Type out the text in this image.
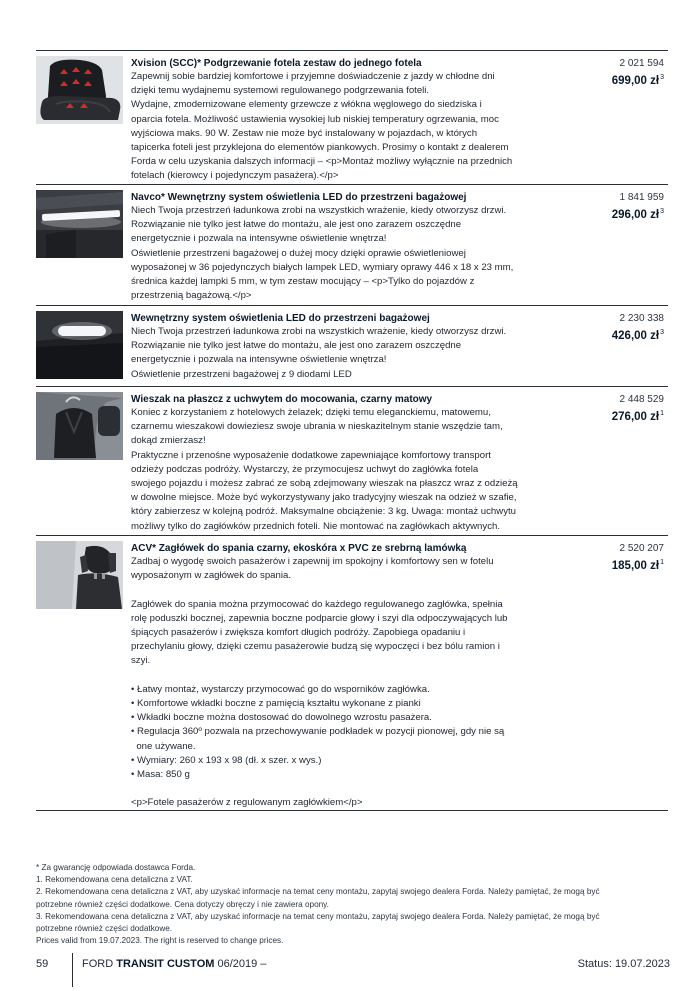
Xvision (SCC)* Podgrzewanie fotela zestaw do jednego fotela

Zapewnij sobie bardziej komfortowe i przyjemne doświadczenie z jazdy w chłodne dni
dzięki temu wydajnemu systemowi regulowanego podgrzewania foteli.
Wydajne, zmodernizowane elementy grzewcze z włókna węglowego do siedziska i
oparcia fotela. Możliwość ustawienia wysokiej lub niskiej temperatury ogrzewania, moc
wyjściowa maks. 90 W. Zestaw nie może być instalowany w pojazdach, w których
tapicerka foteli jest przyklejona do elementów piankowych. Prosimy o kontakt z dealerem
Forda w celu uzyskania dalszych informacji – <p>Montaż możliwy wyłącznie na przednich
fotelach (kierowcy i pojedynczym pasażera).</p>

2 021 594
699,00 $zł^3$
Navco* Wewnętrzny system oświetlenia LED do przestrzeni bagażowej

Niech Twoja przestrzeń ładunkowa zrobi na wszystkich wrażenie, kiedy otworzysz drzwi.
Rozwiązanie nie tylko jest łatwe do montażu, ale jest ono zarazem oszczędne
energetycznie i pozwala na intensywne oświetlenie wnętrza!
Oświetlenie przestrzeni bagażowej o dużej mocy dzięki oprawie oświetleniowej
wyposażonej w 36 pojedynczych białych lampek LED, wymiary oprawy 446 x 18 x 23 mm,
średnica każdej lampki 5 mm, w tym zestaw mocujący – <p>Tylko do pojazdów z
przestrzenią bagażową.</p>

1 841 959
296,00 $zł^3$
Wewnętrzny system oświetlenia LED do przestrzeni bagażowej

Niech Twoja przestrzeń ładunkowa zrobi na wszystkich wrażenie, kiedy otworzysz drzwi.
Rozwiązanie nie tylko jest łatwe do montażu, ale jest ono zarazem oszczędne
energetycznie i pozwala na intensywne oświetlenie wnętrza!
Oświetlenie przestrzeni bagażowej z 9 diodami LED

2 230 338
426,00 $zł^3$
Wieszak na płaszcz z uchwytem do mocowania, czarny matowy

Koniec z korzystaniem z hotelowych żelazek; dzięki temu eleganckiemu, matowemu,
czarnemu wieszakowi dowieziesz swoje ubrania w nieskazitelnym stanie wszędzie tam,
dokąd zmierzasz!
Praktyczne i przenośne wyposażenie dodatkowe zapewniające komfortowy transport
odzieży podczas podróży. Wystarczy, że przymocujesz uchwyt do zagłówka fotela
swojego pojazdu i możesz zabrać ze sobą zdejmowany wieszak na płaszcz wraz z odzieżą
w dowolne miejsce. Może być wykorzystywany jako tradycyjny wieszak na odzież w szafie,
który zabierzesz w kolejną podróż. Maksymalne obciążenie: 3 kg. Uwaga: montaż uchwytu
możliwy tylko do zagłówków przednich foteli. Nie montować na zagłówkach aktywnych.

2 448 529
276,00 $zł^1$
ACV* Zagłówek do spania czarny, ekoskóra x PVC ze srebrną lamówką

Zadbaj o wygodę swoich pasażerów i zapewnij im spokojny i komfortowy sen w fotelu
wyposażonym w zagłówek do spania.

Zagłówek do spania można przymocować do każdego regulowanego zagłówka, spełnia
rolę poduszki bocznej, zapewnia boczne podparcie głowy i szyi dla odpoczywających lub
śpiących pasażerów i zwiększa komfort długich podróży. Zapobiega opadaniu i
przechylaniu głowy, dzięki czemu pasażerowie budzą się wypoczęci i bez bólu ramion i
szyi.

• Łatwy montaż, wystarczy przymocować go do wsporników zagłówka.
• Komfortowe wkładki boczne z pamięcią kształtu wykonane z pianki
• Wkładki boczne można dostosować do dowolnego wzrostu pasażera.
• Regulacja 360º pozwala na przechowywanie podkładek w pozycji pionowej, gdy nie są
one używane.
• Wymiary: 260 x 193 x 98 (dł. x szer. x wys.)
• Masa: 850 g

<p>Fotele pasażerów z regulowanym zagłówkiem</p>

2 520 207
185,00 $zł^1$
* Za gwarancję odpowiada dostawca Forda.
1. Rekomendowana cena detaliczna z VAT.
2. Rekomendowana cena detaliczna z VAT, aby uzyskać informacje na temat ceny montażu, zapytaj swojego dealera Forda. Należy pamiętać, że mogą być
potrzebne również części dodatkowe. Cena dotyczy obręczy i nie zawiera opony.
3. Rekomendowana cena detaliczna z VAT, aby uzyskać informacje na temat ceny montażu, zapytaj swojego dealera Forda. Należy pamiętać, że mogą być
potrzebne również części dodatkowe.
Prices valid from 19.07.2023. The right is reserved to change prices.
59	FORD TRANSIT CUSTOM 06/2019 –	Status: 19.07.2023
